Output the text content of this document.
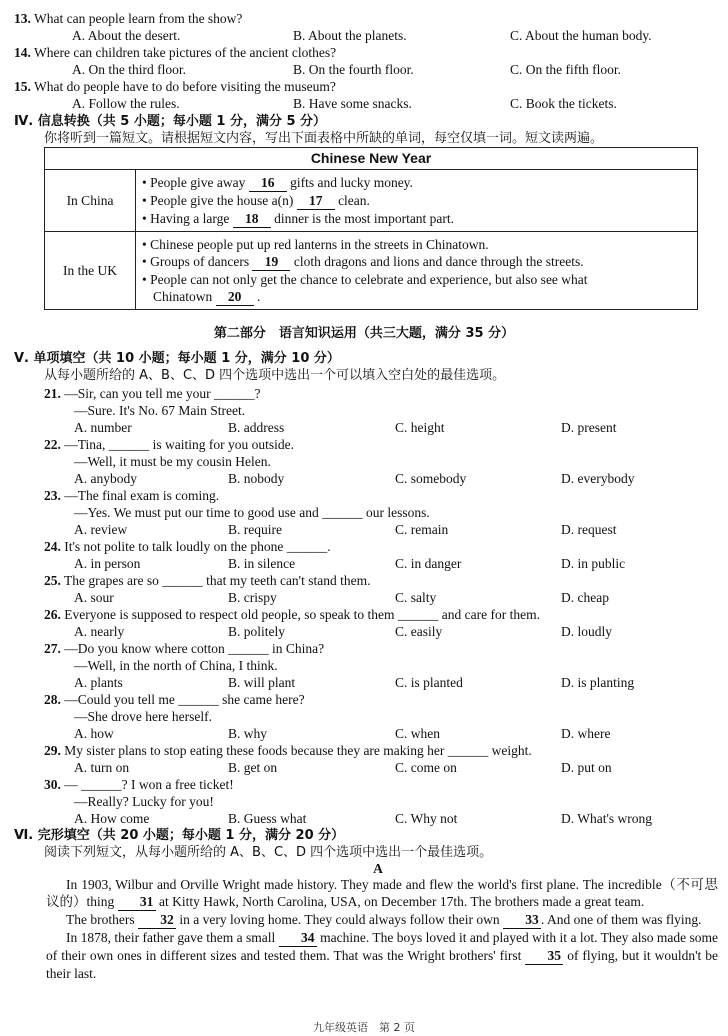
13. What can people learn from the show?
A. About the desert.	B. About the planets.	C. About the human body.
14. Where can children take pictures of the ancient clothes?
A. On the third floor.	B. On the fourth floor.	C. On the fifth floor.
15. What do people have to do before visiting the museum?
A. Follow the rules.	B. Have some snacks.	C. Book the tickets.
Ⅳ. 信息转换（共 5 小题；每小题 1 分，满分 5 分）
你将听到一篇短文。请根据短文内容，写出下面表格中所缺的单词，每空仅填一词。短文读两遍。
Chinese New Year	
In China	• People give away 16 gifts and lucky money.
• People give the house a(n) 17 clean.
• Having a large 18 dinner is the most important part.

In the UK	• Chinese people put up red lanterns in the streets in Chinatown.
• Groups of dancers 19 cloth dragons and lions and dance through the streets.
• People can not only get the chance to celebrate and experience, but also see what
Chinatown 20 .
第二部分　语言知识运用（共三大题，满分 35 分）
Ⅴ. 单项填空（共 10 小题；每小题 1 分，满分 10 分）
从每小题所给的 A、B、C、D 四个选项中选出一个可以填入空白处的最佳选项。
21. —Sir, can you tell me your ______?
—Sure. It's No. 67 Main Street.
A. number	B. address	C. height	D. present
22. —Tina, ______ is waiting for you outside.
—Well, it must be my cousin Helen.
A. anybody	B. nobody	C. somebody	D. everybody
23. —The final exam is coming.
—Yes. We must put our time to good use and ______ our lessons.
A. review	B. require	C. remain	D. request
24. It's not polite to talk loudly on the phone ______.
A. in person	B. in silence	C. in danger	D. in public
25. The grapes are so ______ that my teeth can't stand them.
A. sour	B. crispy	C. salty	D. cheap
26. Everyone is supposed to respect old people, so speak to them ______ and care for them.
A. nearly	B. politely	C. easily	D. loudly
27. —Do you know where cotton ______ in China?
—Well, in the north of China, I think.
A. plants	B. will plant	C. is planted	D. is planting
28. —Could you tell me ______ she came here?
—She drove here herself.
A. how	B. why	C. when	D. where
29. My sister plans to stop eating these foods because they are making her ______ weight.
A. turn on	B. get on	C. come on	D. put on
30. — ______? I won a free ticket!
—Really? Lucky for you!
A. How come	B. Guess what	C. Why not	D. What's wrong
Ⅵ. 完形填空（共 20 小题；每小题 1 分，满分 20 分）
阅读下列短文，从每小题所给的 A、B、C、D 四个选项中选出一个最佳选项。
A

In 1903, Wilbur and Orville Wright made history. They made and flew the world's first plane. The incredible（不可思议的）thing 31 at Kitty Hawk, North Carolina, USA, on December 17th. The brothers made a great team.

The brothers 32 in a very loving home. They could always follow their own 33 . And one of them was flying.

In 1878, their father gave them a small 34 machine. The boys loved it and played with it a lot. They also made some of their own ones in different sizes and tested them. That was the Wright brothers' first 35 of flying, but it wouldn't be their last.

九年级英语　第 2 页
